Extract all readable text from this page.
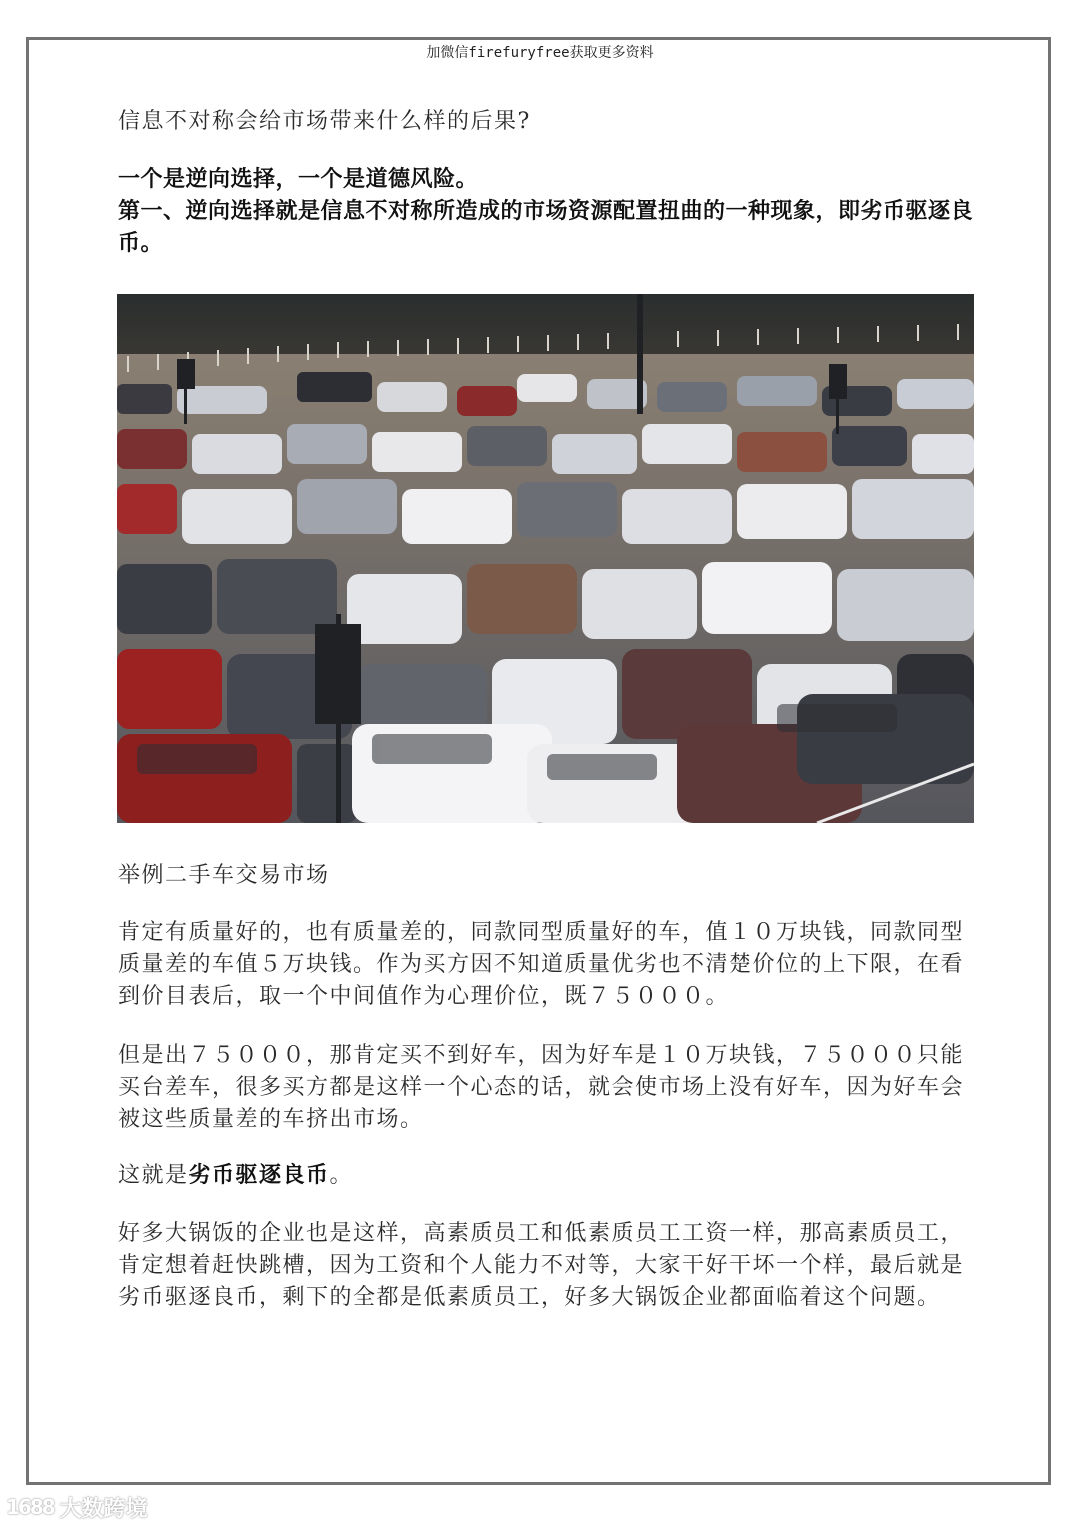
加微信firefuryfree获取更多资料

信息不对称会给市场带来什么样的后果?

一个是逆向选择，一个是道德风险。

第一、逆向选择就是信息不对称所造成的市场资源配置扭曲的一种现象，即劣币驱逐良币。

举例二手车交易市场

肯定有质量好的，也有质量差的，同款同型质量好的车，值１０万块钱，同款同型质量差的车值５万块钱。作为买方因不知道质量优劣也不清楚价位的上下限，在看到价目表后，取一个中间值作为心理价位，既７５０００。

但是出７５０００，那肯定买不到好车，因为好车是１０万块钱，７５０００只能买台差车，很多买方都是这样一个心态的话，就会使市场上没有好车，因为好车会被这些质量差的车挤出市场。

这就是劣币驱逐良币。

好多大锅饭的企业也是这样，高素质员工和低素质员工工资一样，那高素质员工，肯定想着赶快跳槽，因为工资和个人能力不对等，大家干好干坏一个样，最后就是劣币驱逐良币，剩下的全都是低素质员工，好多大锅饭企业都面临着这个问题。

1688 大数跨境
